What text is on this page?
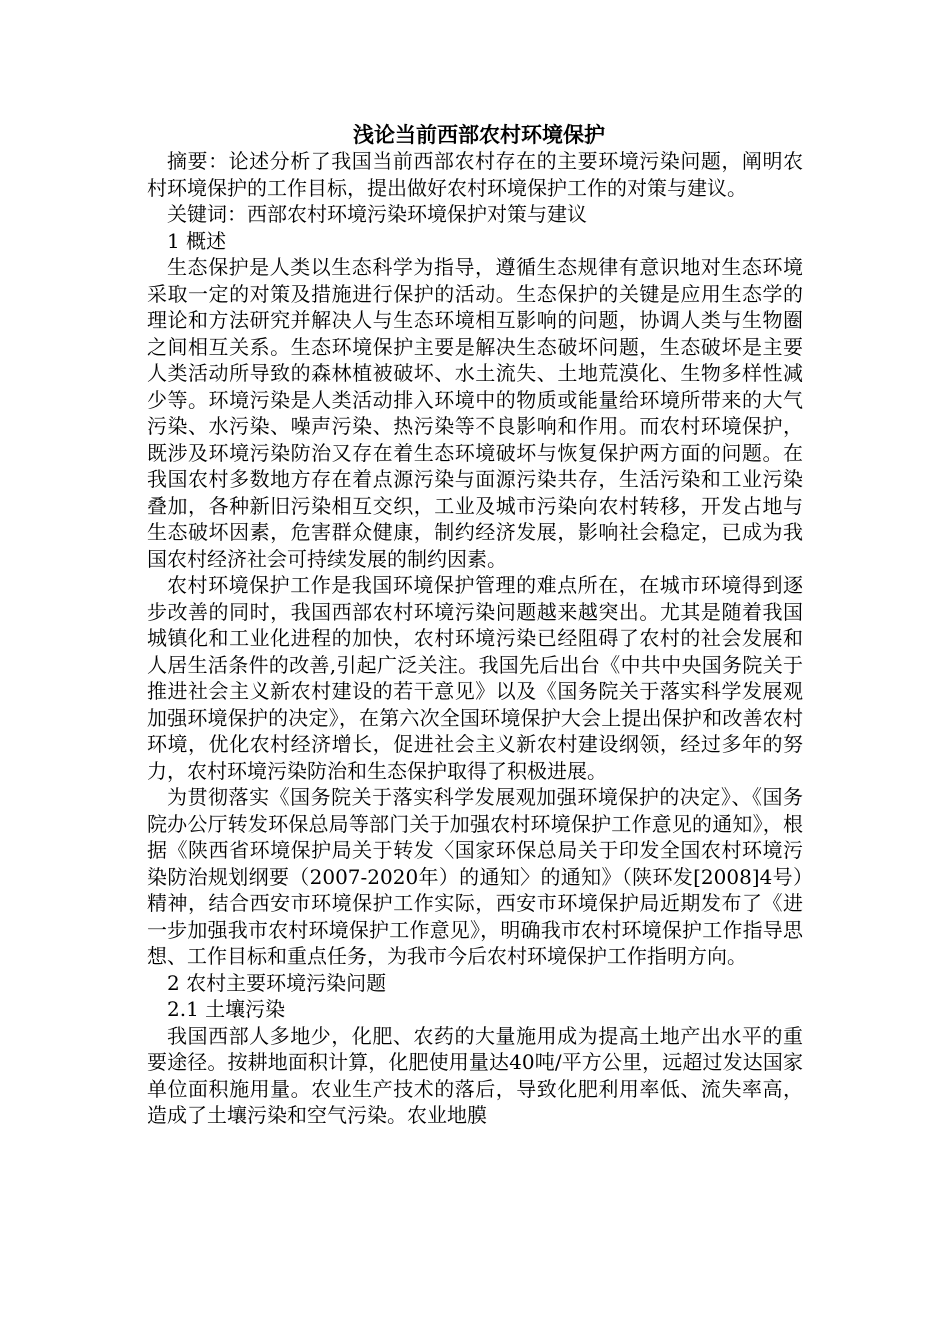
浅论当前西部农村环境保护

摘要：论述分析了我国当前西部农村存在的主要环境污染问题，阐明农村环境保护的工作目标，提出做好农村环境保护工作的对策与建议。

关键词：西部农村环境污染环境保护对策与建议

1 概述

生态保护是人类以生态科学为指导，遵循生态规律有意识地对生态环境采取一定的对策及措施进行保护的活动。生态保护的关键是应用生态学的理论和方法研究并解决人与生态环境相互影响的问题，协调人类与生物圈之间相互关系。生态环境保护主要是解决生态破坏问题，生态破坏是主要人类活动所导致的森林植被破坏、水土流失、土地荒漠化、生物多样性减少等。环境污染是人类活动排入环境中的物质或能量给环境所带来的大气污染、水污染、噪声污染、热污染等不良影响和作用。而农村环境保护，既涉及环境污染防治又存在着生态环境破坏与恢复保护两方面的问题。在我国农村多数地方存在着点源污染与面源污染共存，生活污染和工业污染叠加，各种新旧污染相互交织，工业及城市污染向农村转移，开发占地与生态破坏因素，危害群众健康，制约经济发展，影响社会稳定，已成为我国农村经济社会可持续发展的制约因素。

农村环境保护工作是我国环境保护管理的难点所在，在城市环境得到逐步改善的同时，我国西部农村环境污染问题越来越突出。尤其是随着我国城镇化和工业化进程的加快，农村环境污染已经阻碍了农村的社会发展和人居生活条件的改善,引起广泛关注。我国先后出台《中共中央国务院关于推进社会主义新农村建设的若干意见》以及《国务院关于落实科学发展观加强环境保护的决定》，在第六次全国环境保护大会上提出保护和改善农村环境，优化农村经济增长，促进社会主义新农村建设纲领，经过多年的努力，农村环境污染防治和生态保护取得了积极进展。

为贯彻落实《国务院关于落实科学发展观加强环境保护的决定》、《国务院办公厅转发环保总局等部门关于加强农村环境保护工作意见的通知》，根据《陕西省环境保护局关于转发〈国家环保总局关于印发全国农村环境污染防治规划纲要（2007-2020年）的通知〉的通知》（陕环发[2008]4号）精神，结合西安市环境保护工作实际，西安市环境保护局近期发布了《进一步加强我市农村环境保护工作意见》，明确我市农村环境保护工作指导思想、工作目标和重点任务，为我市今后农村环境保护工作指明方向。

2 农村主要环境污染问题

2.1 土壤污染

我国西部人多地少，化肥、农药的大量施用成为提高土地产出水平的重要途径。按耕地面积计算，化肥使用量达40吨/平方公里，远超过发达国家单位面积施用量。农业生产技术的落后，导致化肥利用率低、流失率高，造成了土壤污染和空气污染。农业地膜
